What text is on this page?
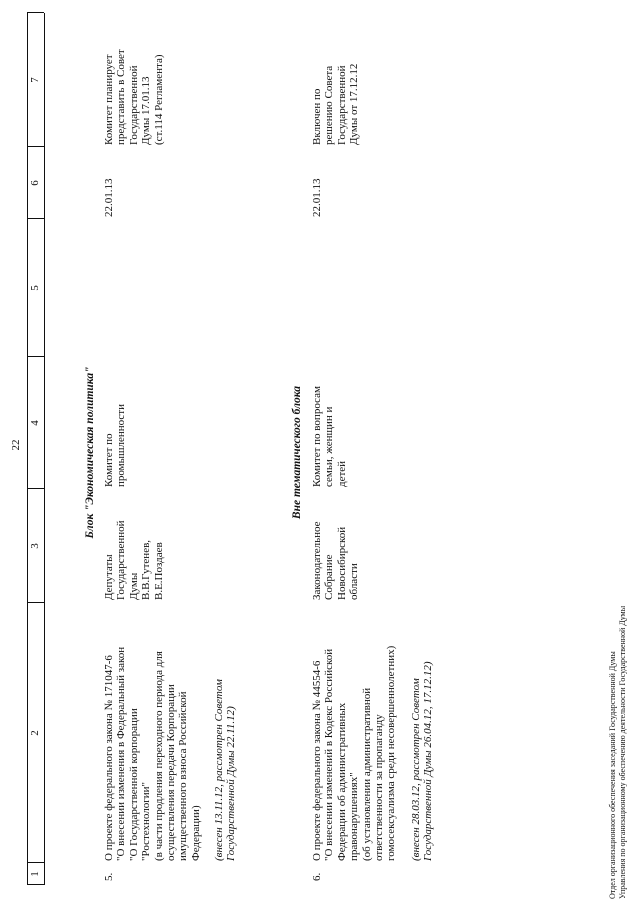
22
1
2
3
4
5
6
7
Блок "Экономическая политика"
5.
О проекте федерального закона № 171047-6
"О внесении изменения в Федеральный закон
"О Государственной корпорации
"Ростехнологии"
(в части продления переходного периода для
осуществления передачи Корпорации
имущественного взноса Российской
Федерации) (внесен 13.11.12, рассмотрен Советом
Государственной Думы 22.11.12)
Депутаты
Государственной
Думы
В.В.Гутенев,
В.Е.Поздаев
Комитет по
промышленности
22.01.13
Комитет планирует
представить в Совет
Государственной
Думы 17.01.13
(ст.114 Регламента)
Вне тематического блока
6.
О проекте федерального закона № 44554-6
"О внесении изменений в Кодекс Российской
Федерации об административных
правонарушениях"
(об установлении административной
ответственности за пропаганду
гомосексуализма среди несовершеннолетних)
(внесен 28.03.12, рассмотрен Советом
Государственной Думы 26.04.12, 17.12.12)
Законодательное
Собрание
Новосибирской
области
Комитет по вопросам
семьи, женщин и
детей
22.01.13
Включен по
решению Совета
Государственной
Думы от 17.12.12
Отдел организационного обеспечения заседаний Государственной Думы Управления по организационному обеспечению деятельности Государственной Думы
